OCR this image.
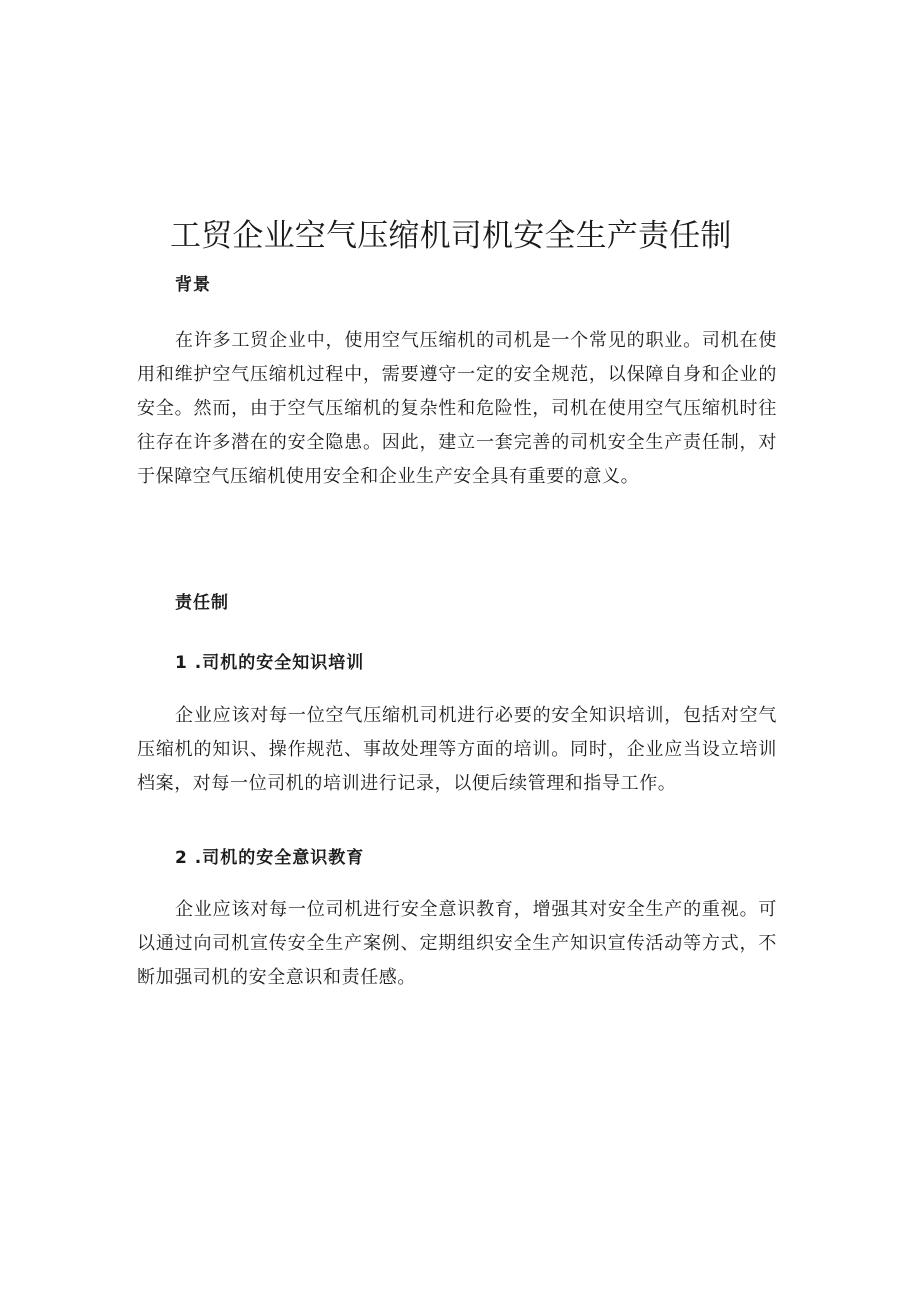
工贸企业空气压缩机司机安全生产责任制
背景

在许多工贸企业中，使用空气压缩机的司机是一个常见的职业。司机在使用和维护空气压缩机过程中，需要遵守一定的安全规范，以保障自身和企业的安全。然而，由于空气压缩机的复杂性和危险性，司机在使用空气压缩机时往往存在许多潜在的安全隐患。因此，建立一套完善的司机安全生产责任制，对于保障空气压缩机使用安全和企业生产安全具有重要的意义。

责任制
1 .司机的安全知识培训

企业应该对每一位空气压缩机司机进行必要的安全知识培训，包括对空气压缩机的知识、操作规范、事故处理等方面的培训。同时，企业应当设立培训档案，对每一位司机的培训进行记录，以便后续管理和指导工作。

2 .司机的安全意识教育

企业应该对每一位司机进行安全意识教育，增强其对安全生产的重视。可以通过向司机宣传安全生产案例、定期组织安全生产知识宣传活动等方式，不断加强司机的安全意识和责任感。
